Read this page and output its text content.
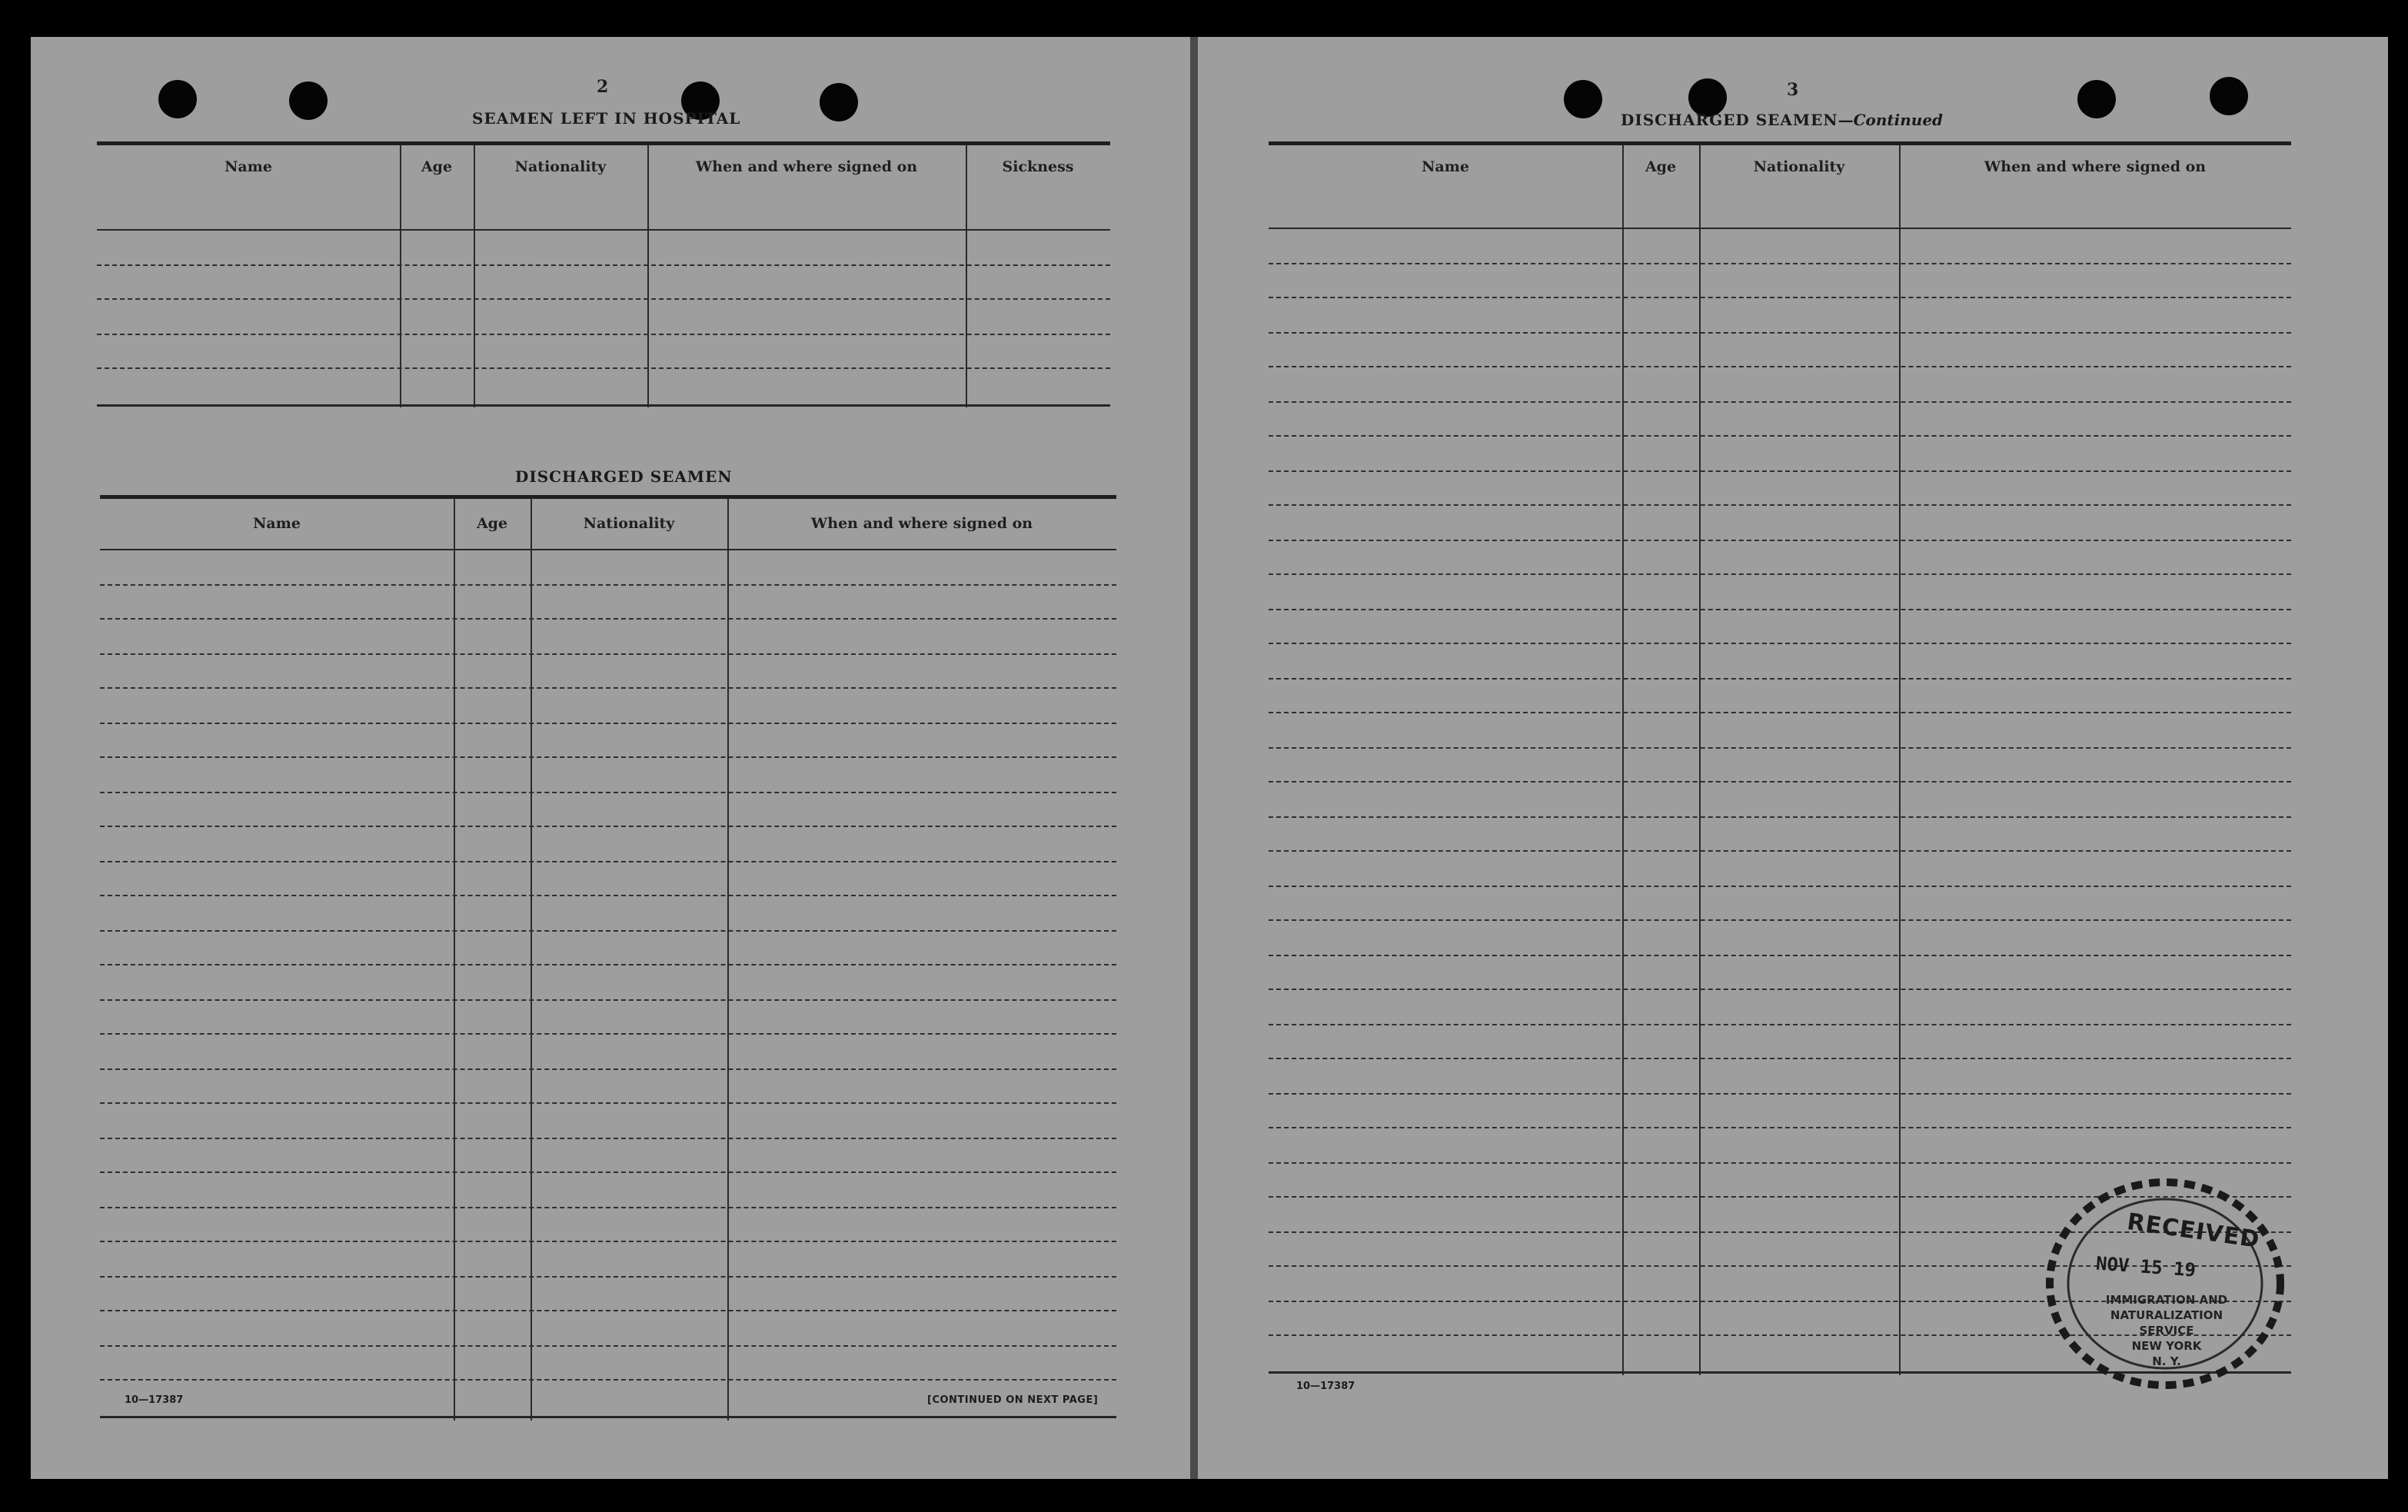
2
SEAMEN LEFT IN HOSPITAL
Name	Age	Nationality	When and where signed on	Sickness
DISCHARGED SEAMEN
Name	Age	Nationality	When and where signed on
10—17387	[CONTINUED ON NEXT PAGE]
3
DISCHARGED SEAMEN—Continued
Name	Age	Nationality	When and where signed on
10—17387
RECEIVED
NOV 15 19
IMMIGRATION AND
NATURALIZATION
SERVICE
NEW YORK
N. Y.
